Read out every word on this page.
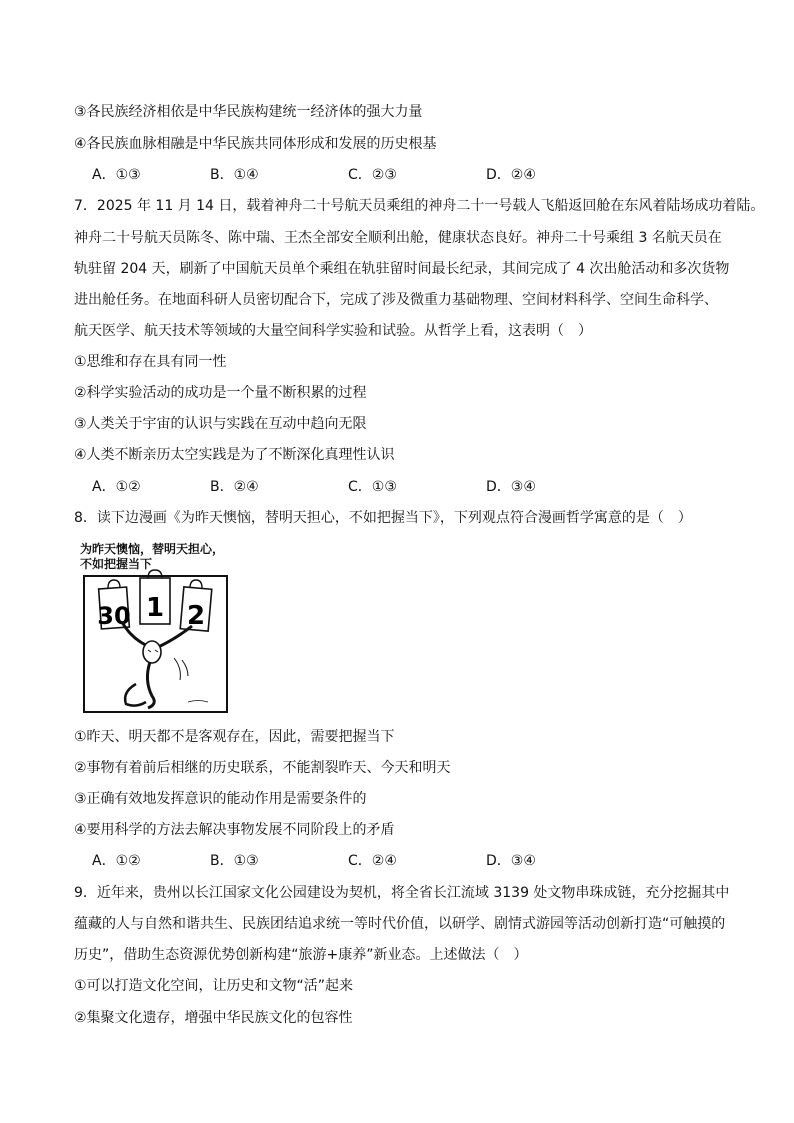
③各民族经济相依是中华民族构建统一经济体的强大力量
④各民族血脉相融是中华民族共同体形成和发展的历史根基
A．①③	B．①④	C．②③	D．②④
7．2025 年 11 月 14 日，载着神舟二十号航天员乘组的神舟二十一号载人飞船返回舱在东风着陆场成功着陆。
神舟二十号航天员陈冬、陈中瑞、王杰全部安全顺利出舱，健康状态良好。神舟二十号乘组 3 名航天员在
轨驻留 204 天，刷新了中国航天员单个乘组在轨驻留时间最长纪录，其间完成了 4 次出舱活动和多次货物
进出舱任务。在地面科研人员密切配合下，完成了涉及微重力基础物理、空间材料科学、空间生命科学、
航天医学、航天技术等领域的大量空间科学实验和试验。从哲学上看，这表明（　）
①思维和存在具有同一性
②科学实验活动的成功是一个量不断积累的过程
③人类关于宇宙的认识与实践在互动中趋向无限
④人类不断亲历太空实践是为了不断深化真理性认识
A．①②	B．②④	C．①③	D．③④
8．读下边漫画《为昨天懊恼，替明天担心，不如把握当下》，下列观点符合漫画哲学寓意的是（　）
为昨天懊恼，替明天担心，
不如把握当下
30 1 2
①昨天、明天都不是客观存在，因此，需要把握当下
②事物有着前后相继的历史联系，不能割裂昨天、今天和明天
③正确有效地发挥意识的能动作用是需要条件的
④要用科学的方法去解决事物发展不同阶段上的矛盾
A．①②	B．①③	C．②④	D．③④
9．近年来，贵州以长江国家文化公园建设为契机，将全省长江流域 3139 处文物串珠成链，充分挖掘其中
蕴藏的人与自然和谐共生、民族团结追求统一等时代价值，以研学、剧情式游园等活动创新打造“可触摸的
历史”，借助生态资源优势创新构建“旅游+康养”新业态。上述做法（　）
①可以打造文化空间，让历史和文物“活”起来
②集聚文化遗存，增强中华民族文化的包容性
